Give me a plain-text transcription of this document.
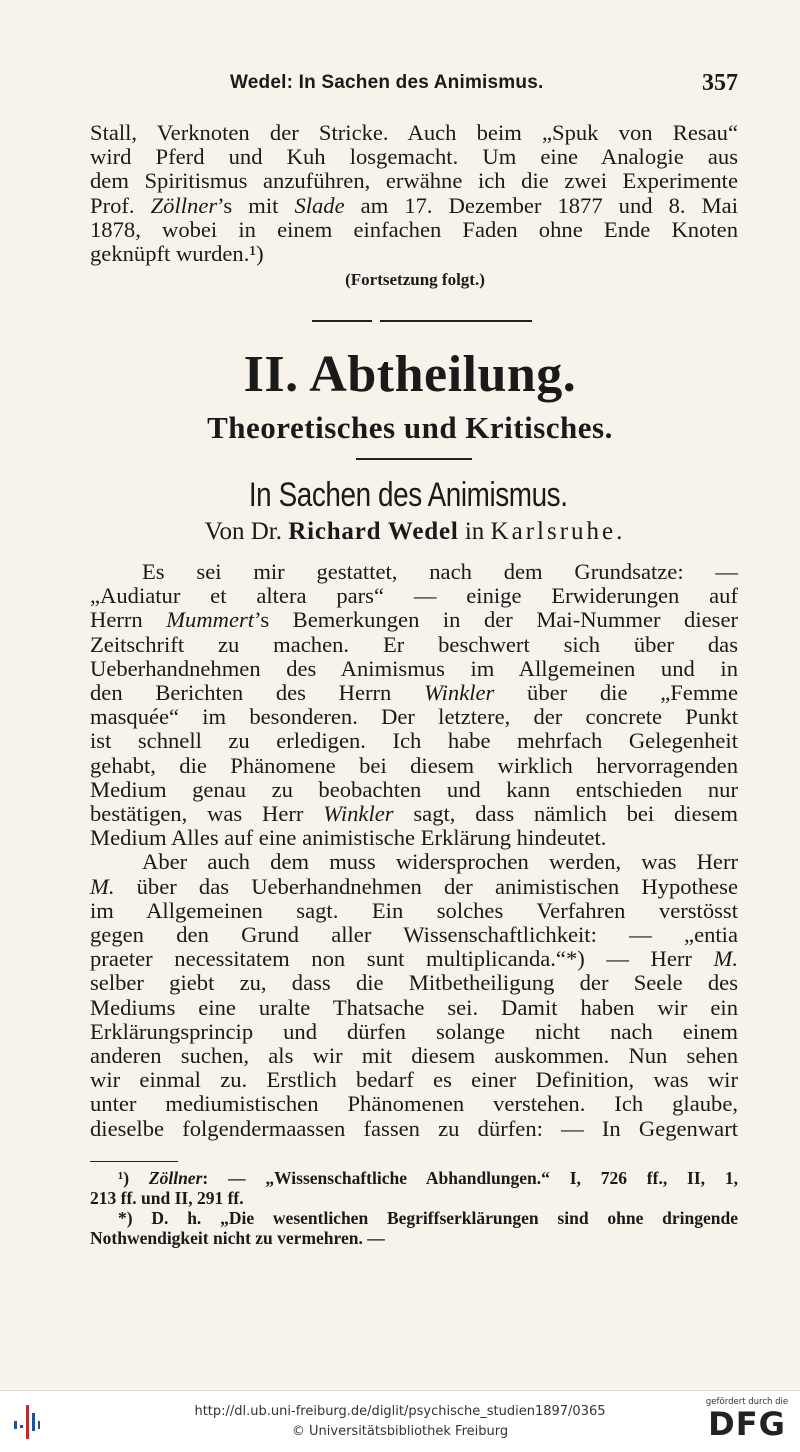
Wedel: In Sachen des Animismus.	357
Stall, Verknoten der Stricke. Auch beim „Spuk von Resau“
wird Pferd und Kuh losgemacht. Um eine Analogie aus
dem Spiritismus anzuführen, erwähne ich die zwei Experimente
Prof. Zöllner’s mit Slade am 17. Dezember 1877 und 8. Mai
1878, wobei in einem einfachen Faden ohne Ende Knoten
geknüpft wurden.¹)
(Fortsetzung folgt.)
II. Abtheilung.
Theoretisches und Kritisches.
In Sachen des Animismus.
Von Dr. Richard Wedel in Karlsruhe.
Es sei mir gestattet, nach dem Grundsatze: —
„Audiatur et altera pars“ — einige Erwiderungen auf
Herrn Mummert’s Bemerkungen in der Mai-Nummer dieser
Zeitschrift zu machen. Er beschwert sich über das
Ueberhandnehmen des Animismus im Allgemeinen und in
den Berichten des Herrn Winkler über die „Femme
masquée“ im besonderen. Der letztere, der concrete Punkt
ist schnell zu erledigen. Ich habe mehrfach Gelegenheit
gehabt, die Phänomene bei diesem wirklich hervorragenden
Medium genau zu beobachten und kann entschieden nur
bestätigen, was Herr Winkler sagt, dass nämlich bei diesem
Medium Alles auf eine animistische Erklärung hindeutet.
Aber auch dem muss widersprochen werden, was Herr
M. über das Ueberhandnehmen der animistischen Hypothese
im Allgemeinen sagt. Ein solches Verfahren verstösst
gegen den Grund aller Wissenschaftlichkeit: — „entia
praeter necessitatem non sunt multiplicanda.“*) — Herr M.
selber giebt zu, dass die Mitbetheiligung der Seele des
Mediums eine uralte Thatsache sei. Damit haben wir ein
Erklärungsprincip und dürfen solange nicht nach einem
anderen suchen, als wir mit diesem auskommen. Nun sehen
wir einmal zu. Erstlich bedarf es einer Definition, was wir
unter mediumistischen Phänomenen verstehen. Ich glaube,
dieselbe folgendermaassen fassen zu dürfen: — In Gegenwart
¹) Zöllner: — „Wissenschaftliche Abhandlungen.“ I, 726 ff., II, 1,
213 ff. und II, 291 ff.
*) D. h. „Die wesentlichen Begriffserklärungen sind ohne dringende
Nothwendigkeit nicht zu vermehren. —
http://dl.ub.uni-freiburg.de/diglit/psychische_studien1897/0365
© Universitätsbibliothek Freiburg
gefördert durch die
DFG
